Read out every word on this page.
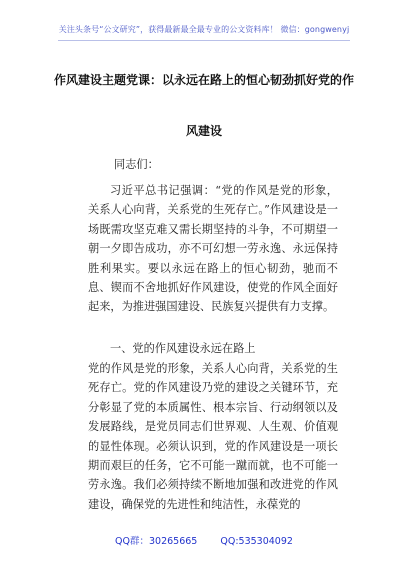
关注头条号“公文研究”，获得最新最全最专业的公文资料库！ 微信：gongwenyj
作风建设主题党课：以永远在路上的恒心韧劲抓好党的作
风建设

同志们：

习近平总书记强调：“党的作风是党的形象，关系人心向背，关系党的生死存亡。”作风建设是一场既需攻坚克难又需长期坚持的斗争，不可期望一朝一夕即告成功，亦不可幻想一劳永逸、永远保持胜利果实。要以永远在路上的恒心韧劲，驰而不息、锲而不舍地抓好作风建设，使党的作风全面好起来，为推进强国建设、民族复兴提供有力支撑。

一、党的作风建设永远在路上

党的作风是党的形象，关系人心向背，关系党的生死存亡。党的作风建设乃党的建设之关键环节，充分彰显了党的本质属性、根本宗旨、行动纲领以及发展路线，是党员同志们世界观、人生观、价值观的显性体现。必须认识到，党的作风建设是一项长期而艰巨的任务，它不可能一蹴而就，也不可能一劳永逸。我们必须持续不断地加强和改进党的作风建设，确保党的先进性和纯洁性，永葆党的

QQ群：30265665 QQ:535304092
